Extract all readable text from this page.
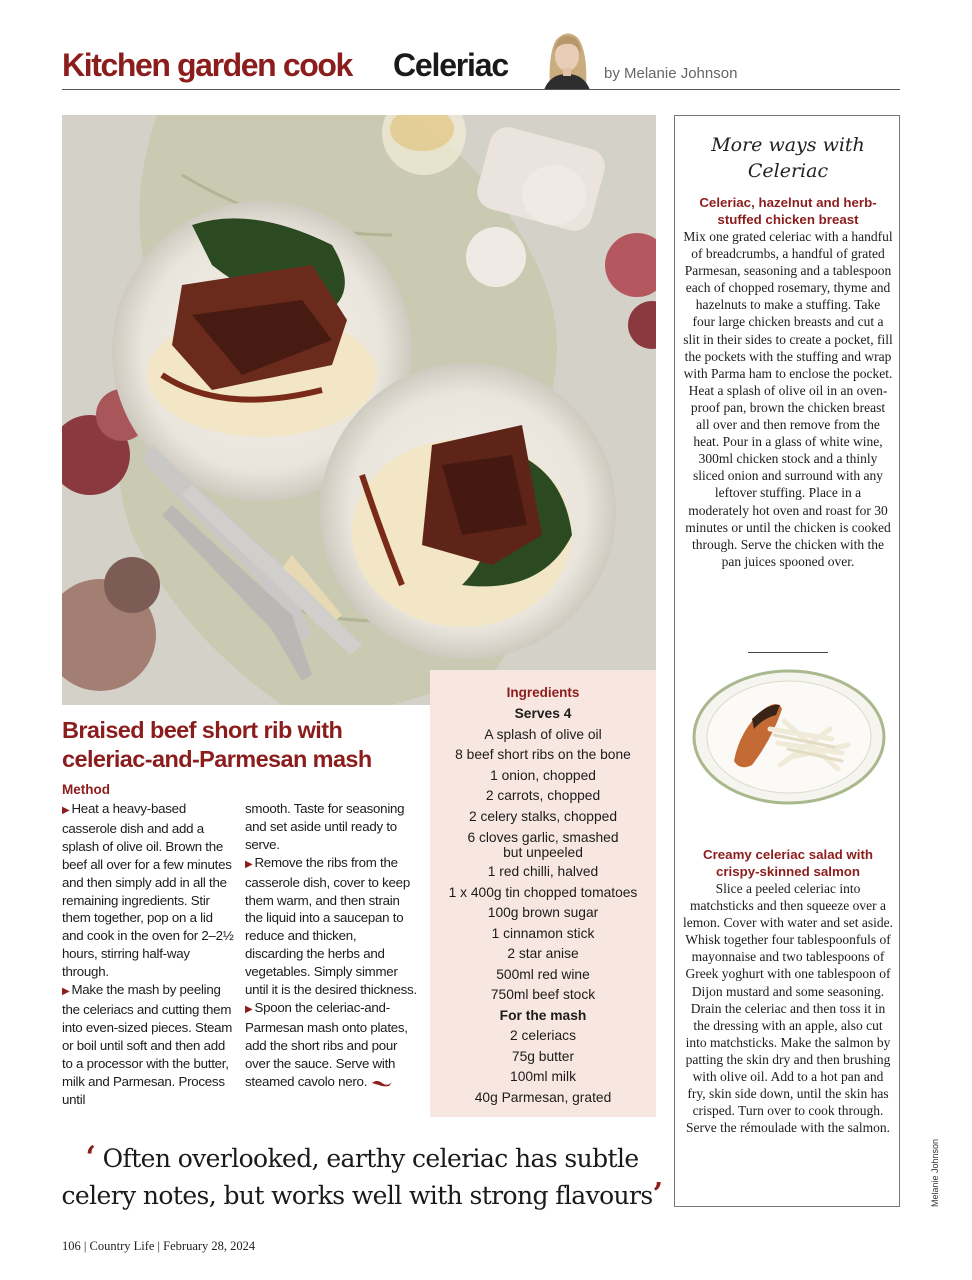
Kitchen garden cook Celeriac	by Melanie Johnson
Braised beef short rib with celeriac-and-Parmesan mash
Method

▶ Heat a heavy-based casserole dish and add a splash of olive oil. Brown the beef all over for a few minutes and then simply add in all the remaining ingredients. Stir them together, pop on a lid and cook in the oven for 2–2½ hours, stirring half-way through.

▶ Make the mash by peeling the celeriacs and cutting them into even-sized pieces. Steam or boil until soft and then add to a processor with the butter, milk and Parmesan. Process until

smooth. Taste for seasoning and set aside until ready to serve.

▶ Remove the ribs from the casserole dish, cover to keep them warm, and then strain the liquid into a saucepan to reduce and thicken, discarding the herbs and vegetables. Simply simmer until it is the desired thickness.

▶ Spoon the celeriac-and-Parmesan mash onto plates, add the short ribs and pour over the sauce. Serve with steamed cavolo nero.

Ingredients
Serves 4
A splash of olive oil
8 beef short ribs on the bone
1 onion, chopped
2 carrots, chopped
2 celery stalks, chopped
6 cloves garlic, smashed but unpeeled
1 red chilli, halved
1 x 400g tin chopped tomatoes
100g brown sugar
1 cinnamon stick
2 star anise
500ml red wine
750ml beef stock
For the mash
2 celeriacs
75g butter
100ml milk
40g Parmesan, grated
More ways with
Celeriac
Celeriac, hazelnut and herb-stuffed chicken breast
Mix one grated celeriac with a handful of breadcrumbs, a handful of grated Parmesan, seasoning and a tablespoon each of chopped rosemary, thyme and hazelnuts to make a stuffing. Take four large chicken breasts and cut a slit in their sides to create a pocket, fill the pockets with the stuffing and wrap with Parma ham to enclose the pocket. Heat a splash of olive oil in an oven-proof pan, brown the chicken breast all over and then remove from the heat. Pour in a glass of white wine, 300ml chicken stock and a thinly sliced onion and surround with any leftover stuffing. Place in a moderately hot oven and roast for 30 minutes or until the chicken is cooked through. Serve the chicken with the pan juices spooned over.
Creamy celeriac salad with crispy-skinned salmon
Slice a peeled celeriac into matchsticks and then squeeze over a lemon. Cover with water and set aside. Whisk together four tablespoonfuls of mayonnaise and two tablespoons of Greek yoghurt with one tablespoon of Dijon mustard and some seasoning. Drain the celeriac and then toss it in the dressing with an apple, also cut into matchsticks. Make the salmon by patting the skin dry and then brushing with olive oil. Add to a hot pan and fry, skin side down, until the skin has crisped. Turn over to cook through. Serve the rémoulade with the salmon.
‘ Often overlooked, earthy celeriac has subtle celery notes, but works well with strong flavours’
106 | Country Life | February 28, 2024
Melanie Johnson
